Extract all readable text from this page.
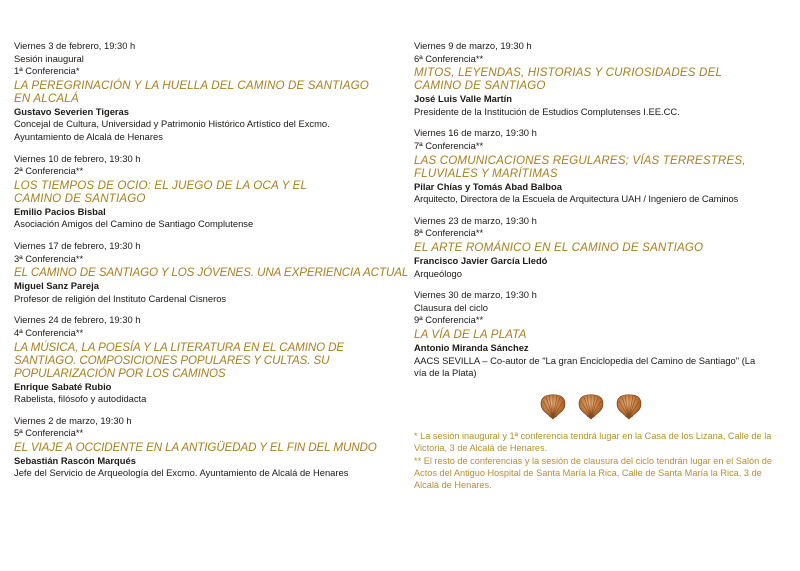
Viernes 3 de febrero, 19:30 h
Sesión inaugural
1ª Conferencia*
LA PEREGRINACIÓN Y LA HUELLA DEL CAMINO DE SANTIAGO EN ALCALÁ
Gustavo Severien Tigeras
Concejal de Cultura, Universidad y Patrimonio Histórico Artístico del Excmo. Ayuntamiento de Alcalá de Henares
Viernes 10 de febrero, 19:30 h
2ª Conferencia**
LOS TIEMPOS DE OCIO: EL JUEGO DE LA OCA Y EL CAMINO DE SANTIAGO
Emilio Pacios Bisbal
Asociación Amigos del Camino de Santiago Complutense
Viernes 17 de febrero, 19:30 h
3ª Conferencia**
EL CAMINO DE SANTIAGO Y LOS JÓVENES. UNA EXPERIENCIA ACTUAL
Miguel Sanz Pareja
Profesor de religión del Instituto Cardenal Cisneros
Viernes 24 de febrero, 19:30 h
4ª Conferencia**
LA MÚSICA, LA POESÍA Y LA LITERATURA EN EL CAMINO DE SANTIAGO. COMPOSICIONES POPULARES Y CULTAS. SU POPULARIZACIÓN POR LOS CAMINOS
Enrique Sabaté Rubio
Rabelista, filósofo y autodidacta
Viernes 2 de marzo, 19:30 h
5ª Conferencia**
EL VIAJE A OCCIDENTE EN LA ANTIGÜEDAD Y EL FIN DEL MUNDO
Sebastián Rascón Marqués
Jefe del Servicio de Arqueología del Excmo. Ayuntamiento de Alcalá de Henares
Viernes 9 de marzo, 19:30 h
6ª Conferencia**
MITOS, LEYENDAS, HISTORIAS Y CURIOSIDADES DEL CAMINO DE SANTIAGO
José Luis Valle Martín
Presidente de la Institución de Estudios Complutenses I.EE.CC.
Viernes 16 de marzo, 19:30 h
7ª Conferencia**
LAS COMUNICACIONES REGULARES; VÍAS TERRESTRES, FLUVIALES Y MARÍTIMAS
Pilar Chías y Tomás Abad Balboa
Arquitecto, Directora de la Escuela de Arquitectura UAH / Ingeniero de Caminos
Viernes 23 de marzo, 19:30 h
8ª Conferencia**
EL ARTE ROMÁNICO EN EL CAMINO DE SANTIAGO
Francisco Javier García Lledó
Arqueólogo
Viernes 30 de marzo, 19:30 h
Clausura del ciclo
9ª Conferencia**
LA VÍA DE LA PLATA
Antonio Miranda Sánchez
AACS SEVILLA – Co-autor de "La gran Enciclopedia del Camino de Santiago" (La vía de la Plata)

* La sesión inaugural y 1ª conferencia tendrá lugar en la Casa de los Lizana, Calle de la Victoria, 3 de Alcalá de Henares.

** El resto de conferencias y la sesión de clausura del ciclo tendrán lugar en el Salón de Actos del Antiguo Hospital de Santa María la Rica, Calle de Santa María la Rica, 3 de Alcalá de Henares.
